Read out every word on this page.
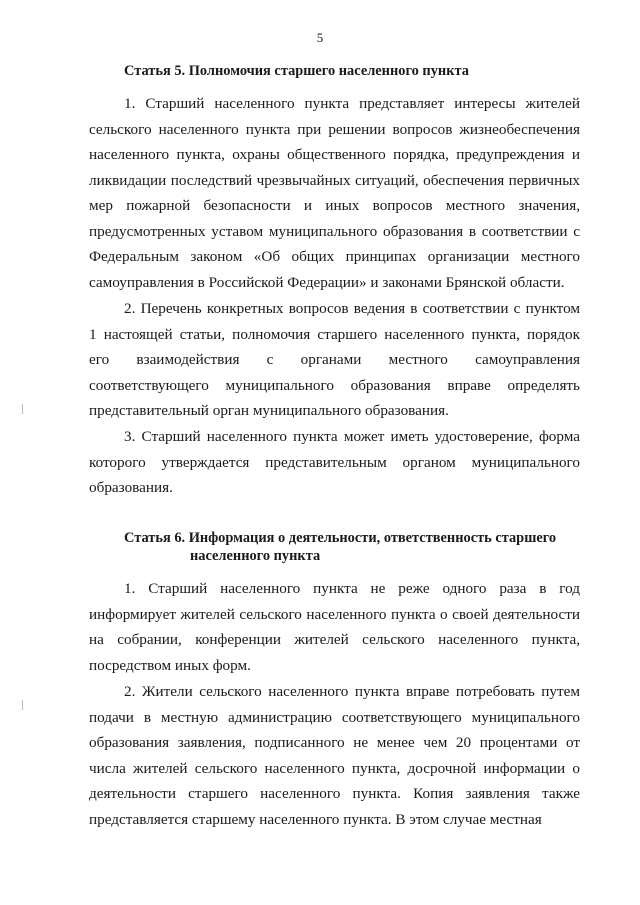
5
Статья 5. Полномочия старшего населенного пункта

1. Старший населенного пункта представляет интересы жителей сельского населенного пункта при решении вопросов жизнеобеспечения населенного пункта, охраны общественного порядка, предупреждения и ликвидации последствий чрезвычайных ситуаций, обеспечения первичных мер пожарной безопасности и иных вопросов местного значения, предусмотренных уставом муниципального образования в соответствии с Федеральным законом «Об общих принципах организации местного самоуправления в Российской Федерации» и законами Брянской области.

2. Перечень конкретных вопросов ведения в соответствии с пунктом 1 настоящей статьи, полномочия старшего населенного пункта, порядок его взаимодействия с органами местного самоуправления соответствующего муниципального образования вправе определять представительный орган муниципального образования.

3. Старший населенного пункта может иметь удостоверение, форма которого утверждается представительным органом муниципального образования.

Статья 6. Информация о деятельности, ответственность старшего
населенного пункта

1. Старший населенного пункта не реже одного раза в год информирует жителей сельского населенного пункта о своей деятельности на собрании, конференции жителей сельского населенного пункта, посредством иных форм.

2. Жители сельского населенного пункта вправе потребовать путем подачи в местную администрацию соответствующего муниципального образования заявления, подписанного не менее чем 20 процентами от числа жителей сельского населенного пункта, досрочной информации о деятельности старшего населенного пункта. Копия заявления также представляется старшему населенного пункта. В этом случае местная
